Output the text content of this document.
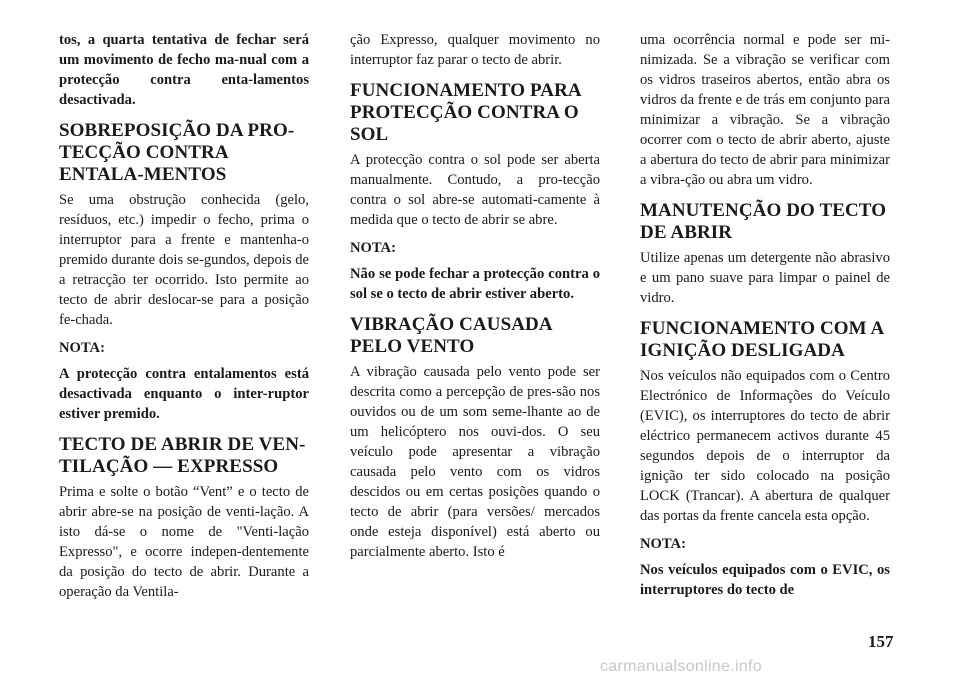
tos, a quarta tentativa de fechar será um movimento de fecho ma-nual com a protecção contra enta-lamentos desactivada.

SOBREPOSIÇÃO DA PRO-TECÇÃO CONTRA ENTALA-MENTOS

Se uma obstrução conhecida (gelo, resíduos, etc.) impedir o fecho, prima o interruptor para a frente e mantenha-o premido durante dois se-gundos, depois de a retracção ter ocorrido. Isto permite ao tecto de abrir deslocar-se para a posição fe-chada.

NOTA:

A protecção contra entalamentos está desactivada enquanto o inter-ruptor estiver premido.

TECTO DE ABRIR DE VEN-TILAÇÃO — EXPRESSO

Prima e solte o botão “Vent” e o tecto de abrir abre-se na posição de venti-lação. A isto dá-se o nome de "Venti-lação Expresso", e ocorre indepen-dentemente da posição do tecto de abrir. Durante a operação da Ventila-

ção Expresso, qualquer movimento no interruptor faz parar o tecto de abrir.

FUNCIONAMENTO PARA PROTECÇÃO CONTRA O SOL

A protecção contra o sol pode ser aberta manualmente. Contudo, a pro-tecção contra o sol abre-se automati-camente à medida que o tecto de abrir se abre.

NOTA:

Não se pode fechar a protecção contra o sol se o tecto de abrir estiver aberto.

VIBRAÇÃO CAUSADA PELO VENTO

A vibração causada pelo vento pode ser descrita como a percepção de pres-são nos ouvidos ou de um som seme-lhante ao de um helicóptero nos ouvi-dos. O seu veículo pode apresentar a vibração causada pelo vento com os vidros descidos ou em certas posições quando o tecto de abrir (para versões/ mercados onde esteja disponível) está aberto ou parcialmente aberto. Isto é

uma ocorrência normal e pode ser mi-nimizada. Se a vibração se verificar com os vidros traseiros abertos, então abra os vidros da frente e de trás em conjunto para minimizar a vibração. Se a vibração ocorrer com o tecto de abrir aberto, ajuste a abertura do tecto de abrir para minimizar a vibra-ção ou abra um vidro.

MANUTENÇÃO DO TECTO DE ABRIR

Utilize apenas um detergente não abrasivo e um pano suave para limpar o painel de vidro.

FUNCIONAMENTO COM A IGNIÇÃO DESLIGADA

Nos veículos não equipados com o Centro Electrónico de Informações do Veículo (EVIC), os interruptores do tecto de abrir eléctrico permanecem activos durante 45 segundos depois de o interruptor da ignição ter sido colocado na posição LOCK (Trancar). A abertura de qualquer das portas da frente cancela esta opção.

NOTA:

Nos veículos equipados com o EVIC, os interruptores do tecto de

157
carmanualsonline.info
